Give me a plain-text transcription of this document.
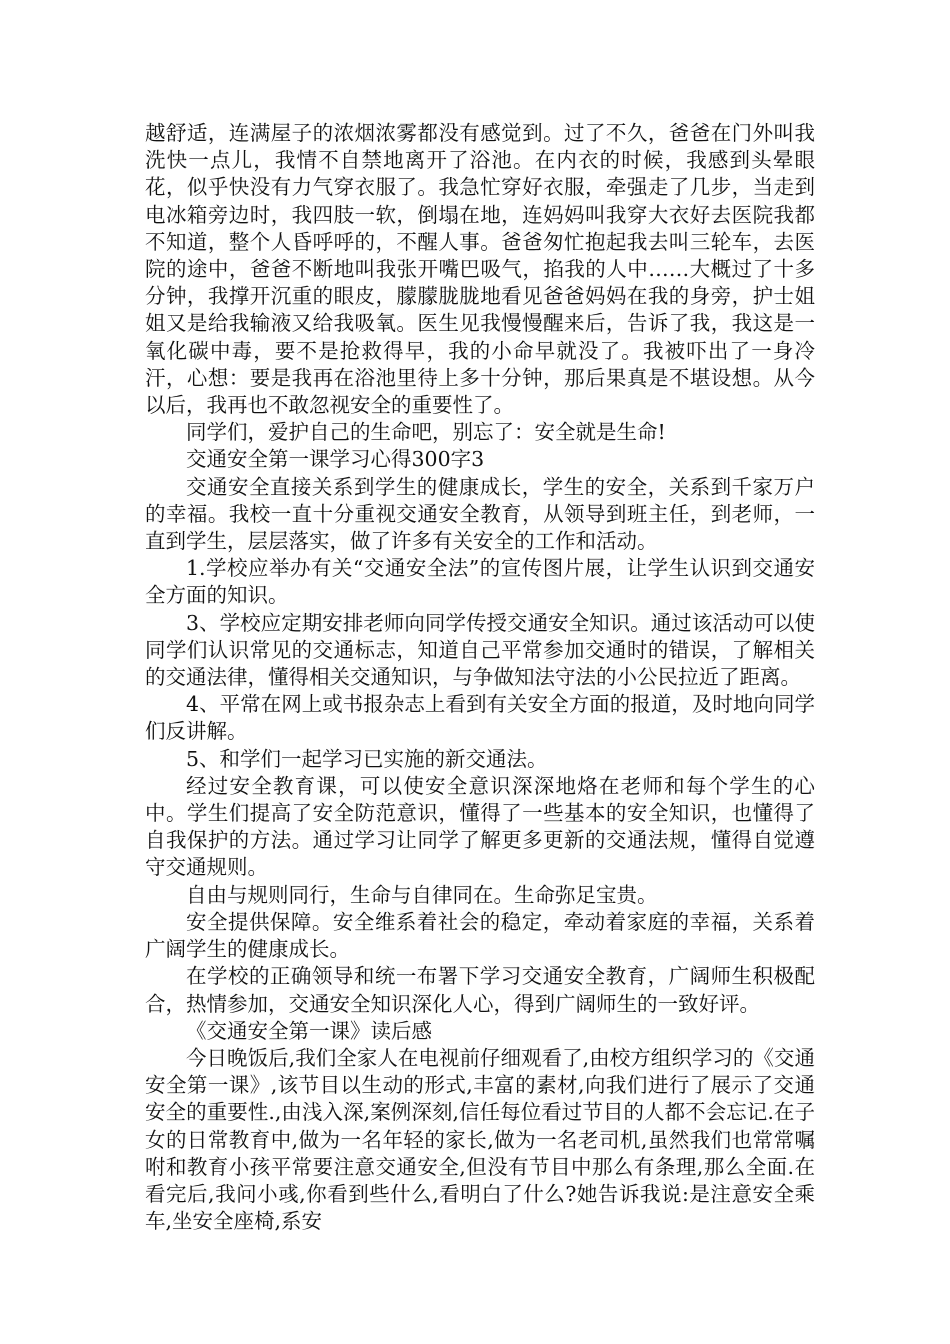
越舒适，连满屋子的浓烟浓雾都没有感觉到。过了不久，爸爸在门外叫我洗快一点儿，我情不自禁地离开了浴池。在内衣的时候，我感到头晕眼花，似乎快没有力气穿衣服了。我急忙穿好衣服，牵强走了几步，当走到电冰箱旁边时，我四肢一软，倒塌在地，连妈妈叫我穿大衣好去医院我都不知道，整个人昏呼呼的，不醒人事。爸爸匆忙抱起我去叫三轮车，去医院的途中，爸爸不断地叫我张开嘴巴吸气，掐我的人中……大概过了十多分钟，我撑开沉重的眼皮，朦朦胧胧地看见爸爸妈妈在我的身旁，护士姐姐又是给我输液又给我吸氧。医生见我慢慢醒来后，告诉了我，我这是一氧化碳中毒，要不是抢救得早，我的小命早就没了。我被吓出了一身冷汗，心想：要是我再在浴池里待上多十分钟，那后果真是不堪设想。从今以后，我再也不敢忽视安全的重要性了。

同学们，爱护自己的生命吧，别忘了：安全就是生命!

交通安全第一课学习心得300字3

交通安全直接关系到学生的健康成长，学生的安全，关系到千家万户的幸福。我校一直十分重视交通安全教育，从领导到班主任，到老师，一直到学生，层层落实，做了许多有关安全的工作和活动。

1.学校应举办有关“交通安全法”的宣传图片展，让学生认识到交通安全方面的知识。

3、学校应定期安排老师向同学传授交通安全知识。通过该活动可以使同学们认识常见的交通标志，知道自己平常参加交通时的错误，了解相关的交通法律，懂得相关交通知识，与争做知法守法的小公民拉近了距离。

4、平常在网上或书报杂志上看到有关安全方面的报道，及时地向同学们反讲解。

5、和学们一起学习已实施的新交通法。

经过安全教育课，可以使安全意识深深地烙在老师和每个学生的心中。学生们提高了安全防范意识，懂得了一些基本的安全知识，也懂得了自我保护的方法。通过学习让同学了解更多更新的交通法规，懂得自觉遵守交通规则。

自由与规则同行，生命与自律同在。生命弥足宝贵。

安全提供保障。安全维系着社会的稳定，牵动着家庭的幸福，关系着广阔学生的健康成长。

在学校的正确领导和统一布署下学习交通安全教育，广阔师生积极配合，热情参加，交通安全知识深化人心，得到广阔师生的一致好评。

《交通安全第一课》读后感

今日晚饭后,我们全家人在电视前仔细观看了,由校方组织学习的《交通安全第一课》,该节目以生动的形式,丰富的素材,向我们进行了展示了交通安全的重要性.,由浅入深,案例深刻,信任每位看过节目的人都不会忘记.在子女的日常教育中,做为一名年轻的家长,做为一名老司机,虽然我们也常常嘱咐和教育小孩平常要注意交通安全,但没有节目中那么有条理,那么全面.在看完后,我问小彧,你看到些什么,看明白了什么?她告诉我说:是注意安全乘车,坐安全座椅,系安
